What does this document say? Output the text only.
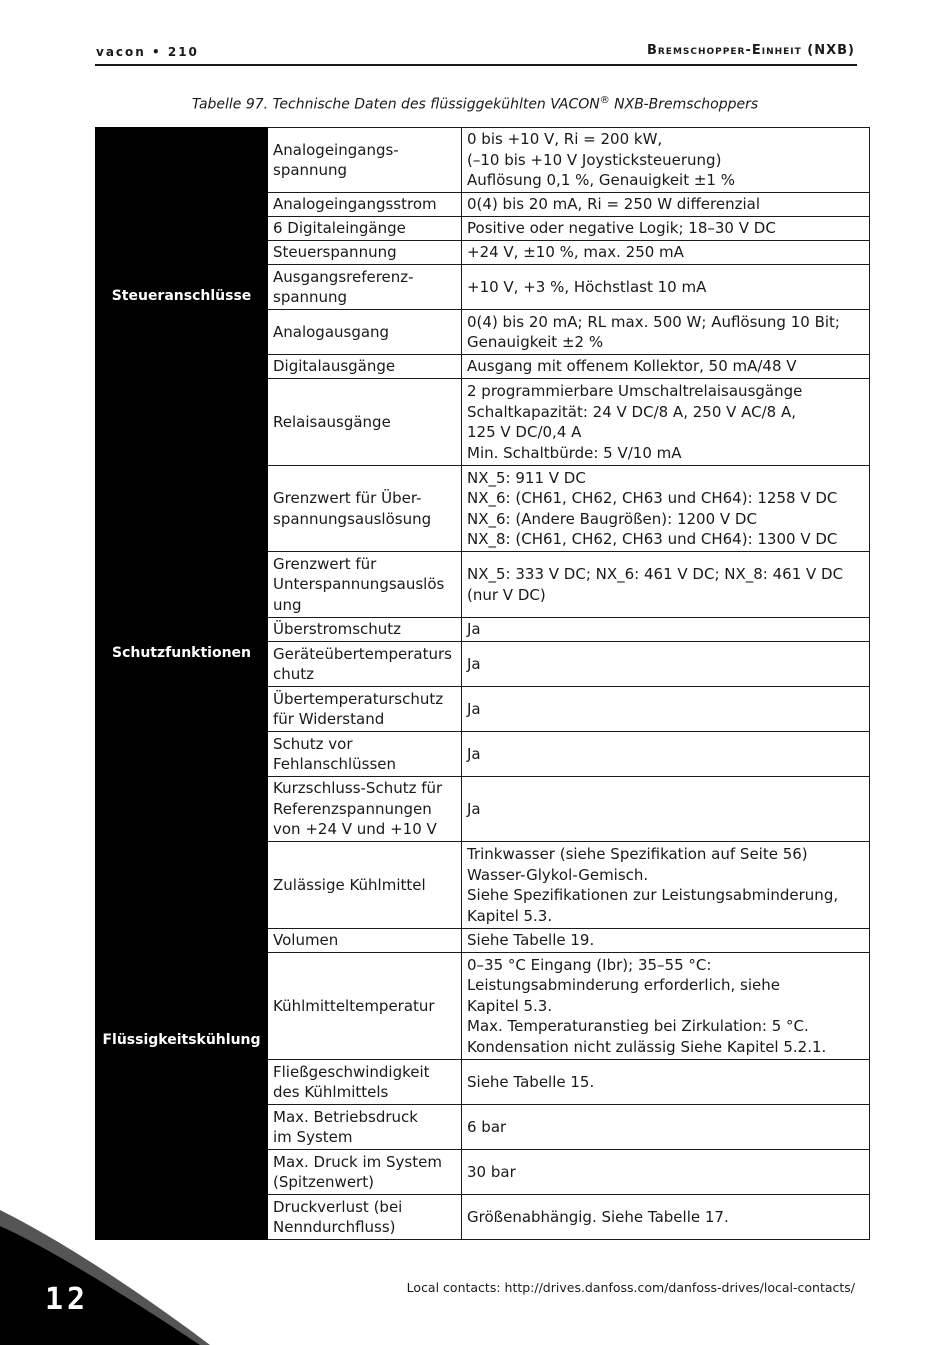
vacon • 210	Bremschopper-Einheit (NXB)
Tabelle 97. Technische Daten des flüssiggekühlten VACON® NXB-Bremschoppers
Steueranschlüsse	Analogeingangs-
spannung	0 bis +10 V, Ri = 200 kW,
(–10 bis +10 V Joysticksteuerung)
Auflösung 0,1 %, Genauigkeit ±1 %

	Analogeingangsstrom	0(4) bis 20 mA, Ri = 250 W differenzial

	6 Digitaleingänge	Positive oder negative Logik; 18–30 V DC

	Steuerspannung	+24 V, ±10 %, max. 250 mA

	Ausgangsreferenz-
spannung	+10 V, +3 %, Höchstlast 10 mA

	Analogausgang	0(4) bis 20 mA; RL max. 500 W; Auflösung 10 Bit;
Genauigkeit ±2 %

	Digitalausgänge	Ausgang mit offenem Kollektor, 50 mA/48 V

	Relaisausgänge	2 programmierbare Umschaltrelaisausgänge
Schaltkapazität: 24 V DC/8 A, 250 V AC/8 A,
125 V DC/0,4 A
Min. Schaltbürde: 5 V/10 mA

Schutzfunktionen	Grenzwert für Über-
spannungsauslösung	NX_5: 911 V DC
NX_6: (CH61, CH62, CH63 und CH64): 1258 V DC
NX_6: (Andere Baugrößen): 1200 V DC
NX_8: (CH61, CH62, CH63 und CH64): 1300 V DC

	Grenzwert für
Unterspannungsauslös
ung	NX_5: 333 V DC; NX_6: 461 V DC; NX_8: 461 V DC
(nur V DC)

	Überstromschutz	Ja

	Geräteübertemperaturs
chutz	Ja

	Übertemperaturschutz
für Widerstand	Ja

	Schutz vor
Fehlanschlüssen	Ja

	Kurzschluss-Schutz für
Referenzspannungen
von +24 V und +10 V	Ja

Flüssigkeitskühlung	Zulässige Kühlmittel	Trinkwasser (siehe Spezifikation auf Seite 56)
Wasser-Glykol-Gemisch.
Siehe Spezifikationen zur Leistungsabminderung,
Kapitel 5.3.

	Volumen	Siehe Tabelle 19.

	Kühlmitteltemperatur	0–35 °C Eingang (Ibr); 35–55 °C:
Leistungsabminderung erforderlich, siehe
Kapitel 5.3.
Max. Temperaturanstieg bei Zirkulation: 5 °C.
Kondensation nicht zulässig Siehe Kapitel 5.2.1.

	Fließgeschwindigkeit
des Kühlmittels	Siehe Tabelle 15.

	Max. Betriebsdruck
im System	6 bar

	Max. Druck im System
(Spitzenwert)	30 bar

	Druckverlust (bei
Nenndurchfluss)	Größenabhängig. Siehe Tabelle 17.
Local contacts: http://drives.danfoss.com/danfoss-drives/local-contacts/
12
